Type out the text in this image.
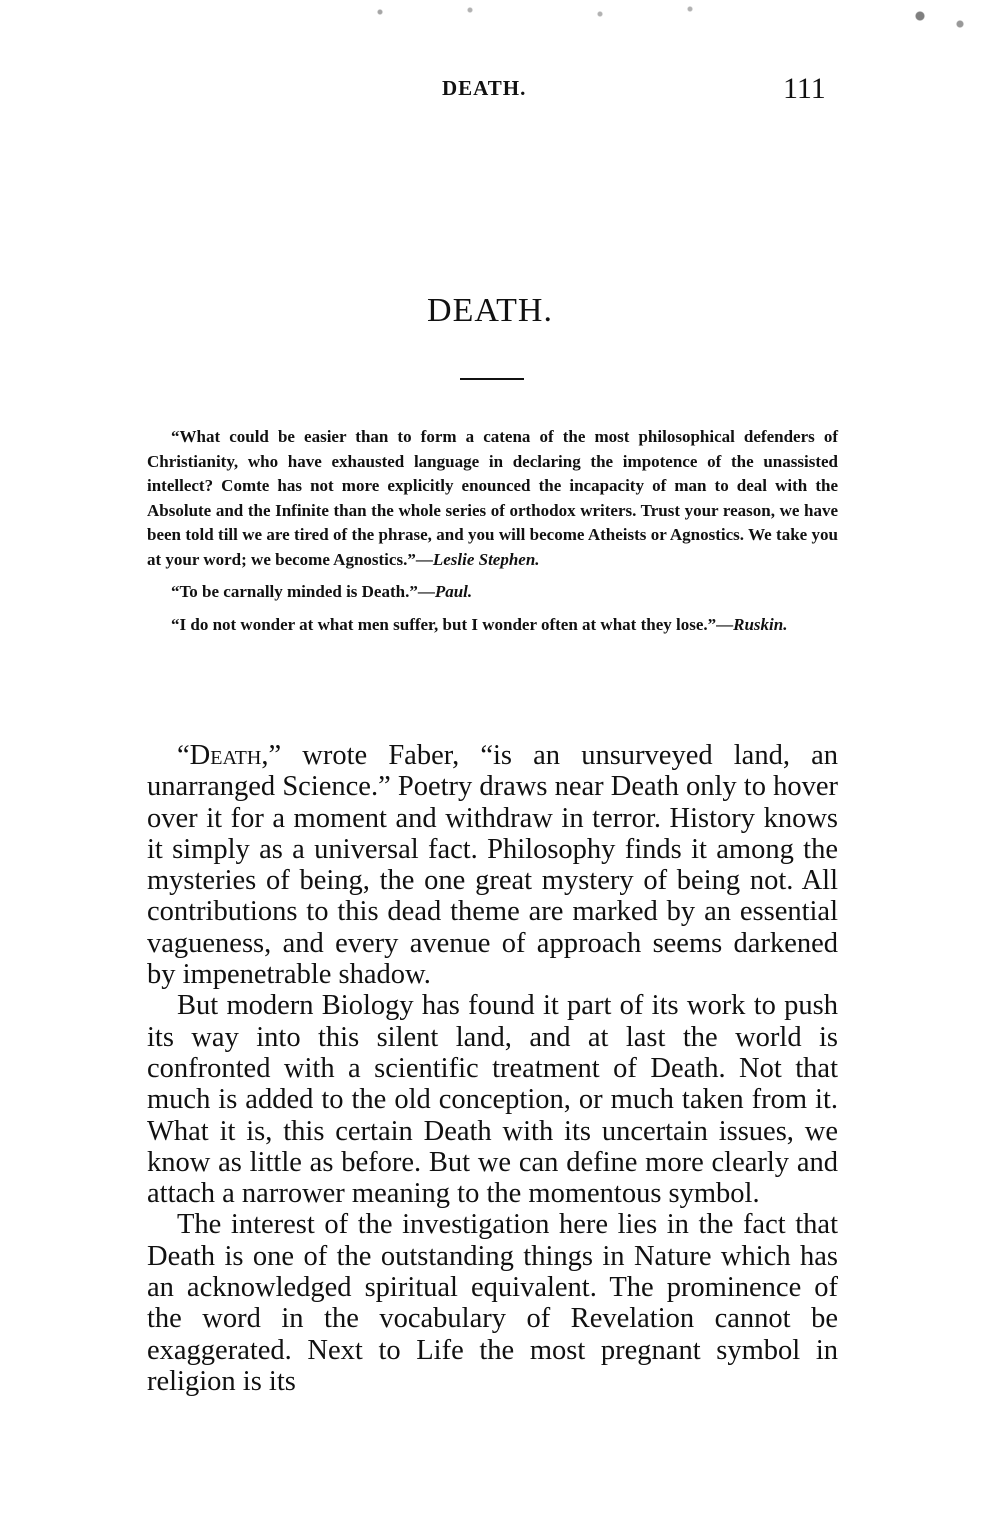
DEATH.	111
DEATH.

“What could be easier than to form a catena of the most philosophical defenders of Christianity, who have exhausted language in declaring the impotence of the unassisted intellect? Comte has not more explicitly enounced the incapacity of man to deal with the Absolute and the Infinite than the whole series of orthodox writers. Trust your reason, we have been told till we are tired of the phrase, and you will become Atheists or Agnostics. We take you at your word; we become Agnostics.”—Leslie Stephen.

“To be carnally minded is Death.”—Paul.

“I do not wonder at what men suffer, but I wonder often at what they lose.”—Ruskin.

“Death,” wrote Faber, “is an unsurveyed land, an unarranged Science.” Poetry draws near Death only to hover over it for a moment and withdraw in terror. History knows it simply as a universal fact. Philosophy finds it among the mysteries of being, the one great mystery of being not. All contributions to this dead theme are marked by an essential vagueness, and every avenue of approach seems darkened by impenetrable shadow.

But modern Biology has found it part of its work to push its way into this silent land, and at last the world is confronted with a scientific treatment of Death. Not that much is added to the old conception, or much taken from it. What it is, this certain Death with its uncertain issues, we know as little as before. But we can define more clearly and attach a narrower meaning to the momentous symbol.

The interest of the investigation here lies in the fact that Death is one of the outstanding things in Nature which has an acknowledged spiritual equivalent. The prominence of the word in the vocabulary of Revelation cannot be exaggerated. Next to Life the most pregnant symbol in religion is its
